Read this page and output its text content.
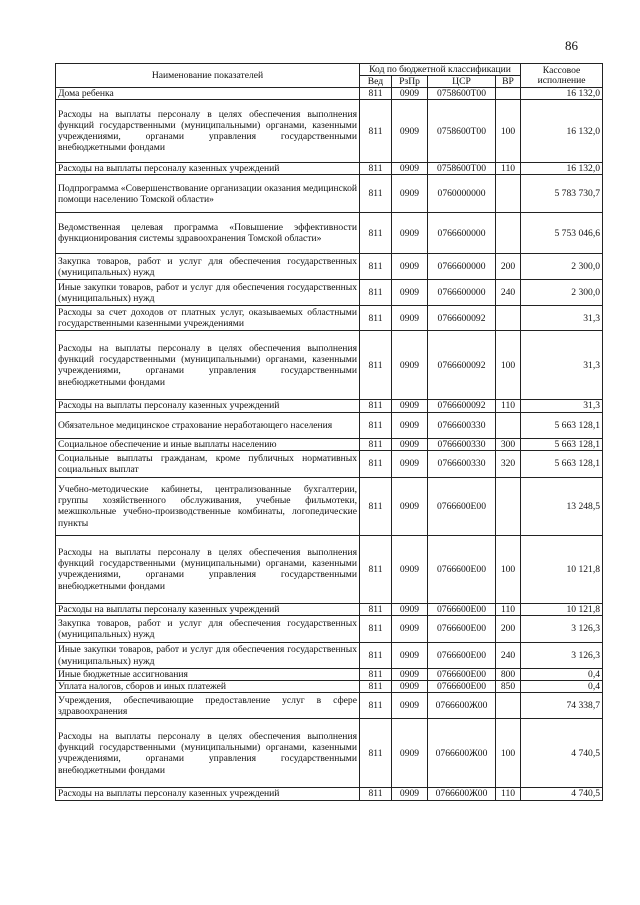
86
Наименование показателей	Код по бюджетной классификации				Кассовое исполнение
	Вед	РзПр	ЦСР	ВР	
Дома ребенка	811	0909	0758600Т00		16 132,0
Расходы на выплаты персоналу в целях обеспечения выполнения функций государственными (муниципальными) органами, казенными учреждениями, органами управления государственными внебюджетными фондами	811	0909	0758600Т00	100	16 132,0
Расходы на выплаты персоналу казенных учреждений	811	0909	0758600Т00	110	16 132,0
Подпрограмма «Совершенствование организации оказания медицинской помощи населению Томской области»	811	0909	0760000000		5 783 730,7
Ведомственная целевая программа «Повышение эффективности функционирования системы здравоохранения Томской области»	811	0909	0766600000		5 753 046,6
Закупка товаров, работ и услуг для обеспечения государственных (муниципальных) нужд	811	0909	0766600000	200	2 300,0
Иные закупки товаров, работ и услуг для обеспечения государственных (муниципальных) нужд	811	0909	0766600000	240	2 300,0
Расходы за счет доходов от платных услуг, оказываемых областными государственными казенными учреждениями	811	0909	0766600092		31,3
Расходы на выплаты персоналу в целях обеспечения выполнения функций государственными (муниципальными) органами, казенными учреждениями, органами управления государственными внебюджетными фондами	811	0909	0766600092	100	31,3
Расходы на выплаты персоналу казенных учреждений	811	0909	0766600092	110	31,3
Обязательное медицинское страхование неработающего населения	811	0909	0766600330		5 663 128,1
Социальное обеспечение и иные выплаты населению	811	0909	0766600330	300	5 663 128,1
Социальные выплаты гражданам, кроме публичных нормативных социальных выплат	811	0909	0766600330	320	5 663 128,1
Учебно-методические кабинеты, централизованные бухгалтерии, группы хозяйственного обслуживания, учебные фильмотеки, межшкольные учебно-производственные комбинаты, логопедические пункты	811	0909	0766600Е00		13 248,5
Расходы на выплаты персоналу в целях обеспечения выполнения функций государственными (муниципальными) органами, казенными учреждениями, органами управления государственными внебюджетными фондами	811	0909	0766600Е00	100	10 121,8
Расходы на выплаты персоналу казенных учреждений	811	0909	0766600Е00	110	10 121,8
Закупка товаров, работ и услуг для обеспечения государственных (муниципальных) нужд	811	0909	0766600Е00	200	3 126,3
Иные закупки товаров, работ и услуг для обеспечения государственных (муниципальных) нужд	811	0909	0766600Е00	240	3 126,3
Иные бюджетные ассигнования	811	0909	0766600Е00	800	0,4
Уплата налогов, сборов и иных платежей	811	0909	0766600Е00	850	0,4
Учреждения, обеспечивающие предоставление услуг в сфере здравоохранения	811	0909	0766600Ж00		74 338,7
Расходы на выплаты персоналу в целях обеспечения выполнения функций государственными (муниципальными) органами, казенными учреждениями, органами управления государственными внебюджетными фондами	811	0909	0766600Ж00	100	4 740,5
Расходы на выплаты персоналу казенных учреждений	811	0909	0766600Ж00	110	4 740,5
